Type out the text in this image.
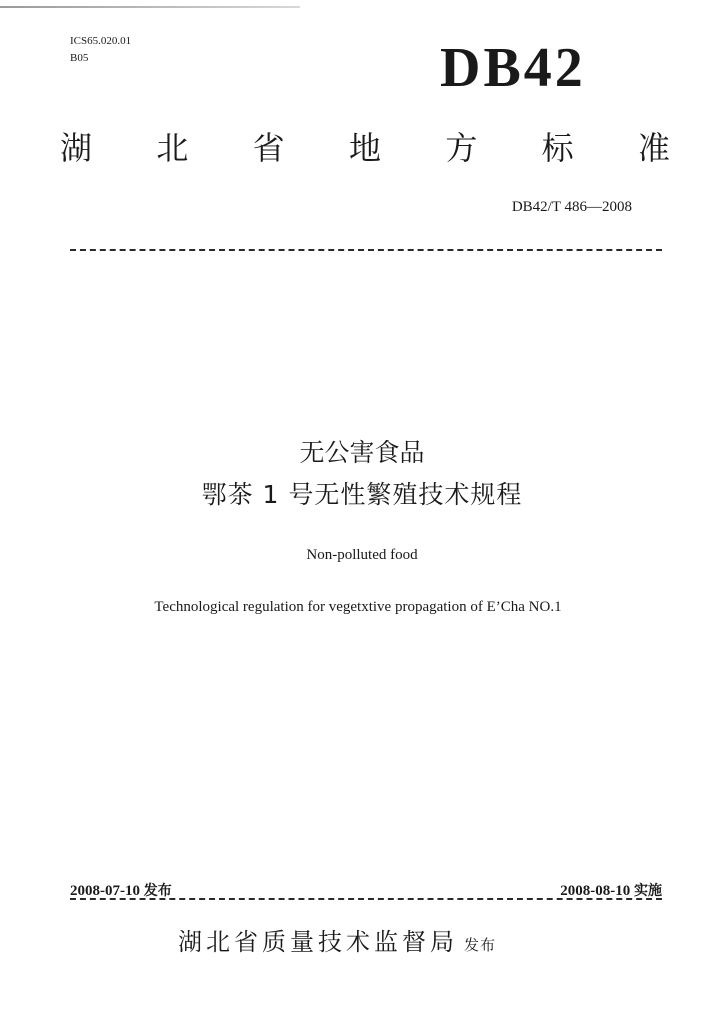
ICS65.020.01
B05	DB42
湖 北 省 地 方 标 准
DB42/T 486—2008
无公害食品
鄂茶 1 号无性繁殖技术规程
Non-polluted food
Technological regulation for vegetxtive propagation of E’Cha NO.1
2008-07-10 发布	2008-08-10 实施
湖北省质量技术监督局 发布
